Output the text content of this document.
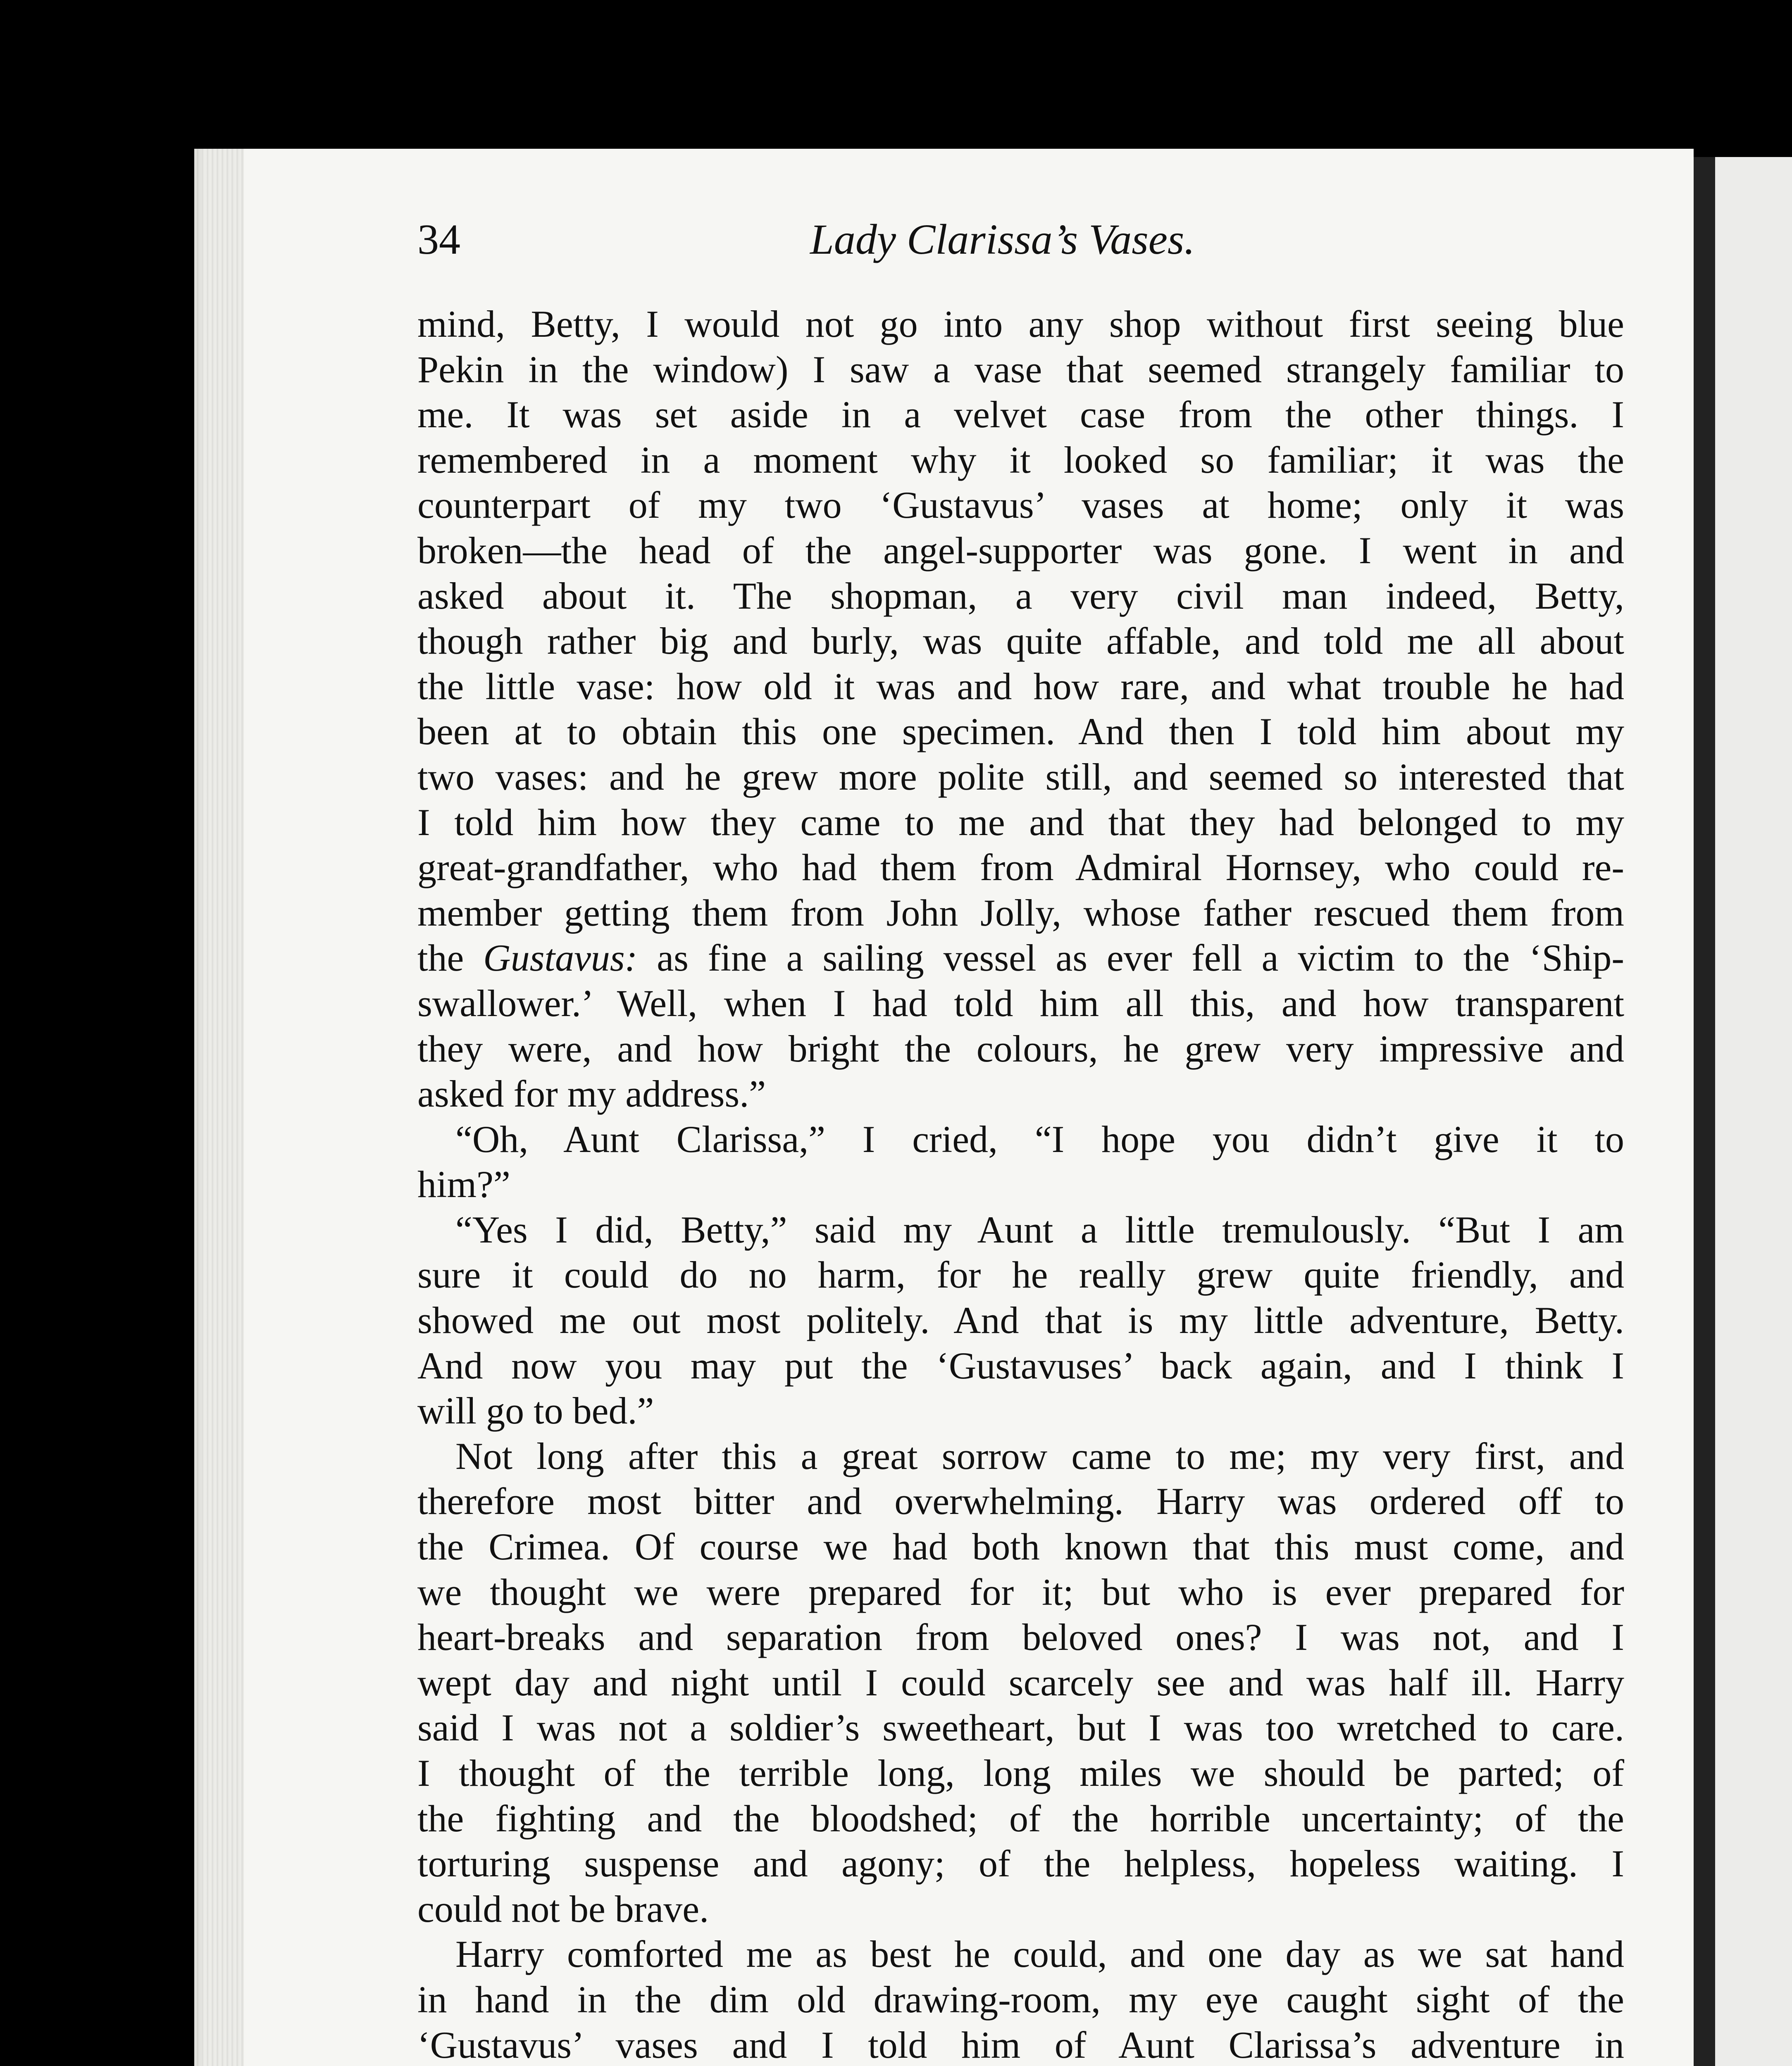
34	Lady Clarissa’s Vases.
mind, Betty, I would not go into any shop without first seeing blue
Pekin in the window) I saw a vase that seemed strangely familiar to
me. It was set aside in a velvet case from the other things. I
remembered in a moment why it looked so familiar; it was the
counterpart of my two ‘Gustavus’ vases at home; only it was
broken—the head of the angel-supporter was gone. I went in and
asked about it. The shopman, a very civil man indeed, Betty,
though rather big and burly, was quite affable, and told me all about
the little vase: how old it was and how rare, and what trouble he had
been at to obtain this one specimen. And then I told him about my
two vases: and he grew more polite still, and seemed so interested that
I told him how they came to me and that they had belonged to my
great-grandfather, who had them from Admiral Hornsey, who could re-
member getting them from John Jolly, whose father rescued them from
the Gustavus: as fine a sailing vessel as ever fell a victim to the ‘Ship-
swallower.’ Well, when I had told him all this, and how transparent
they were, and how bright the colours, he grew very impressive and
asked for my address.”
“Oh, Aunt Clarissa,” I cried, “I hope you didn’t give it to
him?”
“Yes I did, Betty,” said my Aunt a little tremulously. “But I am
sure it could do no harm, for he really grew quite friendly, and
showed me out most politely. And that is my little adventure, Betty.
And now you may put the ‘Gustavuses’ back again, and I think I
will go to bed.”
Not long after this a great sorrow came to me; my very first, and
therefore most bitter and overwhelming. Harry was ordered off to
the Crimea. Of course we had both known that this must come, and
we thought we were prepared for it; but who is ever prepared for
heart-breaks and separation from beloved ones? I was not, and I
wept day and night until I could scarcely see and was half ill. Harry
said I was not a soldier’s sweetheart, but I was too wretched to care.
I thought of the terrible long, long miles we should be parted; of
the fighting and the bloodshed; of the horrible uncertainty; of the
torturing suspense and agony; of the helpless, hopeless waiting. I
could not be brave.
Harry comforted me as best he could, and one day as we sat hand
in hand in the dim old drawing-room, my eye caught sight of the
‘Gustavus’ vases and I told him of Aunt Clarissa’s adventure in
